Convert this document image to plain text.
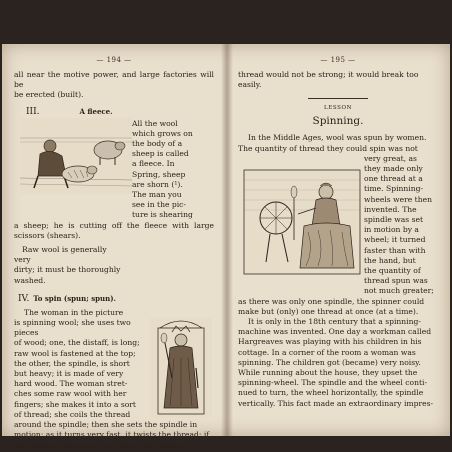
— 194 —

all near the motive power, and large factories will be

be erected (built).

III.	A fleece.
All the wool
which grows on
the body of a
sheep is called
a fleece. In
Spring, sheep
are shorn (¹).
The man you
see in the pic-
ture is shearing

a sheep; he is cutting off the fleece with large scissors (shears).

Raw wool is generally very
dirty; it must be thoroughly
washed.
IV. To spin (spun; spun).
The woman in the picture
is spinning wool; she uses two pieces
of wood; one, the distaff, is long;
raw wool is fastened at the top;
the other, the spindle, is short
but heavy; it is made of very
hard wood. The woman stret-
ches some raw wool with her
fingers; she makes it into a sort
of thread; she coils the thread
around the spindle; then she sets the spindle in
motion; as it turns very fast, it twists the thread; if
the different fibres of wool were not twisted, the
— 195 —
thread would not be strong; it would break too
easily.
LESSON
Spinning.
In the Middle Ages, wool was spun by women.
The quantity of thread they could spin was not
very great, as
they made only
one thread at a
time. Spinning-
wheels were then
invented. The
spindle was set
in motion by a
wheel; it turned
faster than with
the hand, but
the quantity of
thread spun was
not much greater;
as there was only one spindle, the spinner could
make but (only) one thread at once (at a time).
It is only in the 18th century that a spinning-
machine was invented. One day a workman called
Hargreaves was playing with his children in his
cottage. In a corner of the room a woman was
spinning. The children got (became) very noisy.
While running about the house, they upset the
spinning-wheel. The spindle and the wheel conti-
nued to turn, the wheel horizontally, the spindle
vertically. This fact made an extraordinary impres-
